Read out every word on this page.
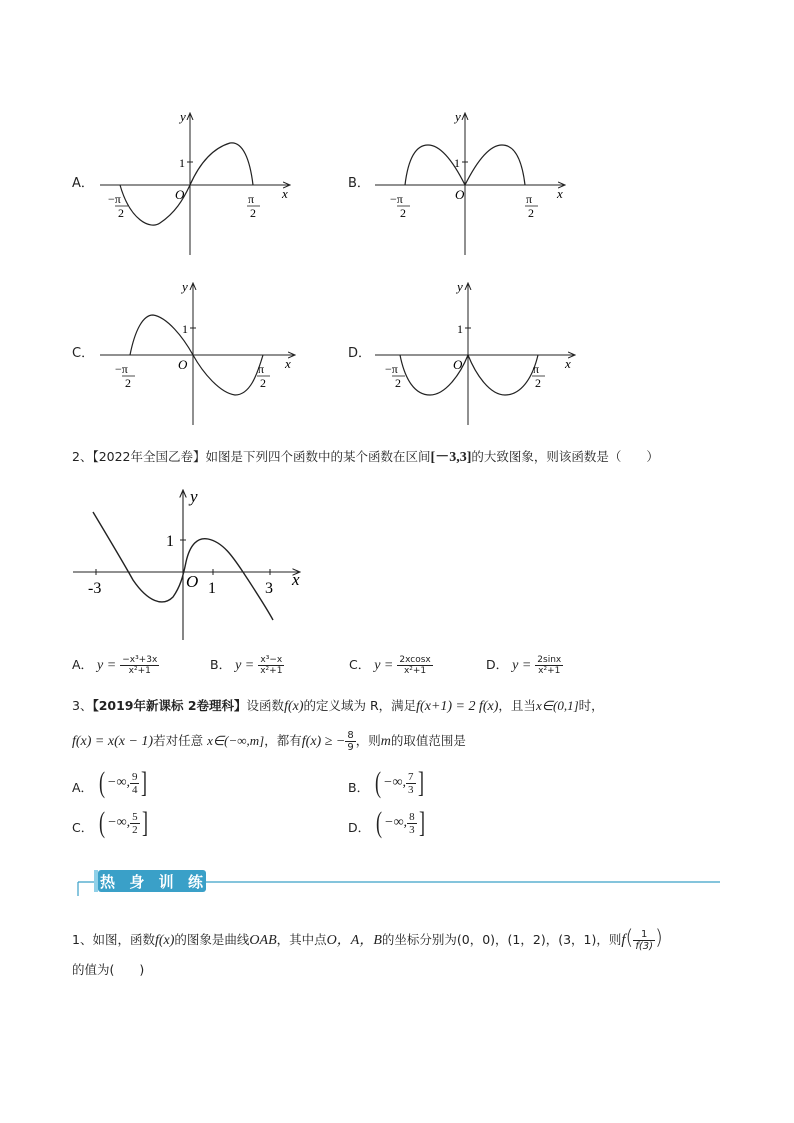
A．
y
x
O
1
−π
2
π
2
B．
y
x
O
1
−π
2
π
2
C．
y
x
O
1
−π
2
π
2
D．
y
x
O
1
−π
2
π
2
2、【2022年全国乙卷】如图是下列四个函数中的某个函数在区间[－3,3]的大致图象，则该函数是（　　）
y
x
O
1
1
-3	3
A． $y = \frac{\text{−x³+3x}}{\text{x²+1}}$	B． $y = \frac{\text{x³−x}}{\text{x²+1}}$	C． $y = \frac{2xcosx}{\text{x²+1}}$	D． $y = \frac{2\sin x}{\text{x²+1}}$
3、【2019年新课标 2卷理科】设函数f(x)的定义域为 R，满足f(x+1) = 2 f(x)，且当x∈(0,1]时，
f(x) = x(x − 1)若对任意 x∈(−∞,m]，都有f(x) ≥ − $\frac{8}{9}$ ，则m的取值范围是
A． ( −∞, $\frac{9}{4}$ ]	B． ( −∞, $\frac{7}{3}$ ]
C． ( −∞, $\frac{5}{2}$ ]	D． ( −∞, $\frac{8}{3}$ ]
热 身 训 练
1、如图，函数f(x)的图象是曲线OAB，其中点O，A，B的坐标分别为(0，0)，(1，2)，(3，1)，则$f( \frac{1}{f(3)}$ )
的值为(　　)
